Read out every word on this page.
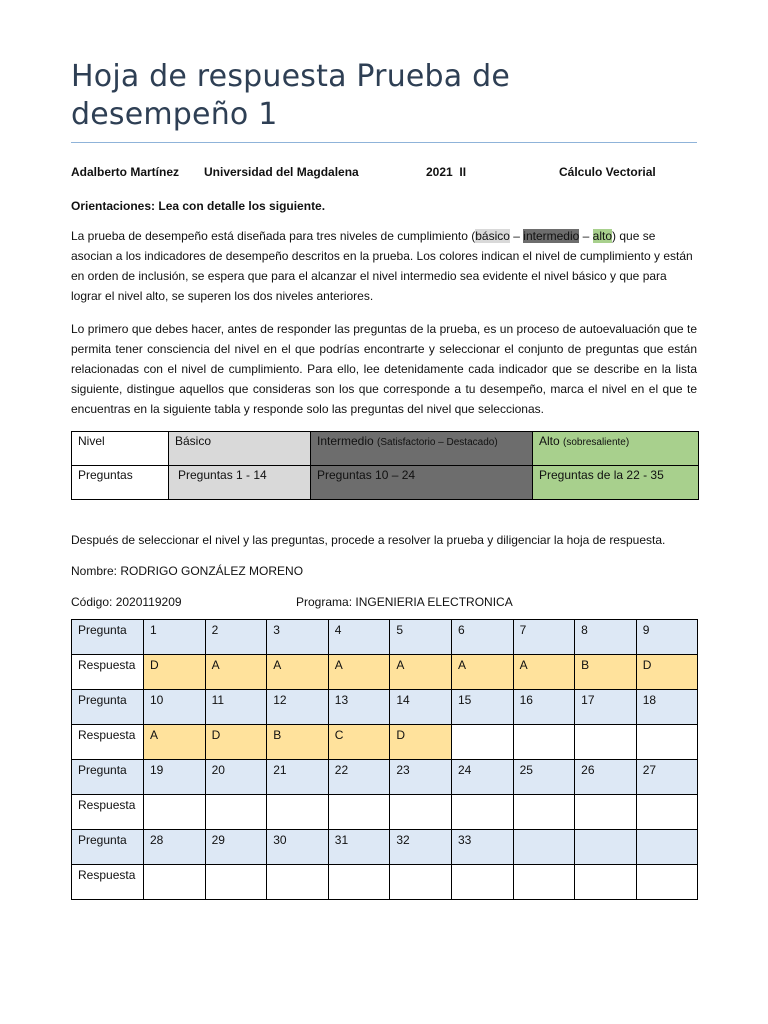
Hoja de respuesta Prueba de desempeño 1
Adalberto Martínez Universidad del Magdalena	2021  II	Cálculo Vectorial
Orientaciones: Lea con detalle los siguiente.

La prueba de desempeño está diseñada para tres niveles de cumplimiento (básico – intermedio – alto) que se asocian a los indicadores de desempeño descritos en la prueba. Los colores indican el nivel de cumplimiento y están en orden de inclusión, se espera que para el alcanzar el nivel intermedio sea evidente el nivel básico y que para lograr el nivel alto, se superen los dos niveles anteriores.

Lo primero que debes hacer, antes de responder las preguntas de la prueba, es un proceso de autoevaluación que te permita tener consciencia del nivel en el que podrías encontrarte y seleccionar el conjunto de preguntas que están relacionadas con el nivel de cumplimiento. Para ello, lee detenidamente cada indicador que se describe en la lista siguiente, distingue aquellos que consideras son los que corresponde a tu desempeño, marca el nivel en el que te encuentras en la siguiente tabla y responde solo las preguntas del nivel que seleccionas.

Nivel	Básico	Intermedio (Satisfactorio – Destacado)	Alto (sobresaliente)
Preguntas	Preguntas 1 - 14	Preguntas 10 – 24	Preguntas de la 22 - 35
Después de seleccionar el nivel y las preguntas, procede a resolver la prueba y diligenciar la hoja de respuesta.
Nombre: RODRIGO GONZÁLEZ MORENO
Código: 2020119209	Programa: INGENIERIA ELECTRONICA
Pregunta	1	2	3	4	5	6	7	8	9
Respuesta	D	A	A	A	A	A	A	B	D
Pregunta	10	11	12	13	14	15	16	17	18
Respuesta	A	D	B	C	D				
Pregunta	19	20	21	22	23	24	25	26	27
Respuesta									
Pregunta	28	29	30	31	32	33			
Respuesta									
